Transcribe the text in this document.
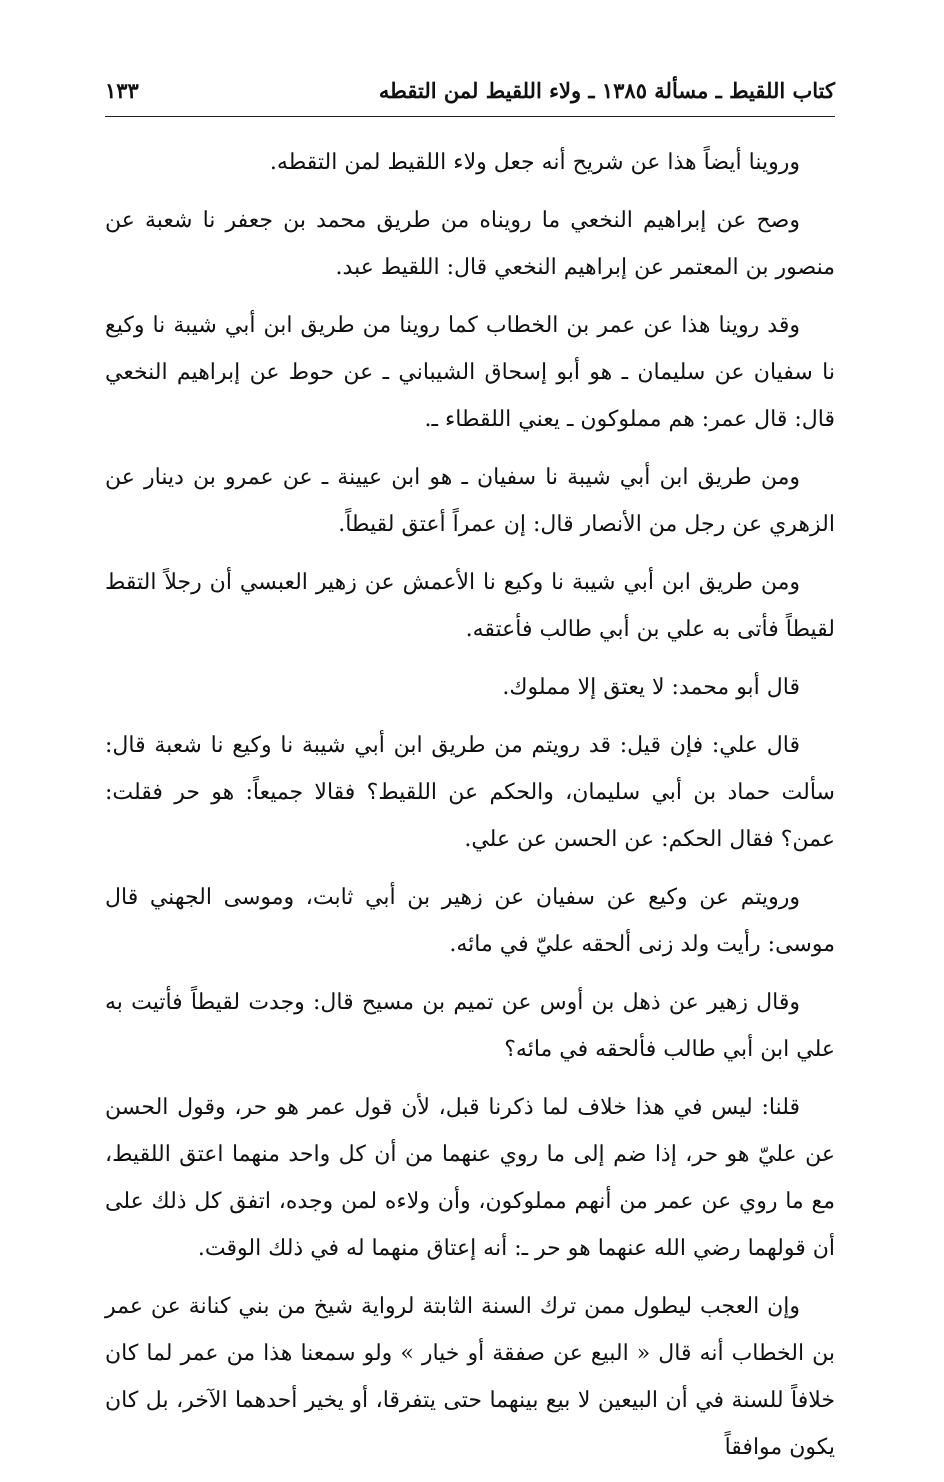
كتاب اللقيط ـ مسألة ١٣٨٥ ـ ولاء اللقيط لمن التقطه
١٣٣

وروينا أيضاً هذا عن شريح أنه جعل ولاء اللقيط لمن التقطه.

وصح عن إبراهيم النخعي ما رويناه من طريق محمد بن جعفر نا شعبة عن منصور بن المعتمر عن إبراهيم النخعي قال: اللقيط عبد.

وقد روينا هذا عن عمر بن الخطاب كما روينا من طريق ابن أبي شيبة نا وكيع نا سفيان عن سليمان ـ هو أبو إسحاق الشيباني ـ عن حوط عن إبراهيم النخعي قال: قال عمر: هم مملوكون ـ يعني اللقطاء ـ.

ومن طريق ابن أبي شيبة نا سفيان ـ هو ابن عيينة ـ عن عمرو بن دينار عن الزهري عن رجل من الأنصار قال: إن عمراً أعتق لقيطاً.

ومن طريق ابن أبي شيبة نا وكيع نا الأعمش عن زهير العبسي أن رجلاً التقط لقيطاً فأتى به علي بن أبي طالب فأعتقه.

قال أبو محمد: لا يعتق إلا مملوك.

قال علي: فإن قيل: قد رويتم من طريق ابن أبي شيبة نا وكيع نا شعبة قال: سألت حماد بن أبي سليمان، والحكم عن اللقيط؟ فقالا جميعاً: هو حر فقلت: عمن؟ فقال الحكم: عن الحسن عن علي.

ورويتم عن وكيع عن سفيان عن زهير بن أبي ثابت، وموسى الجهني قال موسى: رأيت ولد زنى ألحقه عليّ في مائه.

وقال زهير عن ذهل بن أوس عن تميم بن مسيح قال: وجدت لقيطاً فأتيت به علي ابن أبي طالب فألحقه في مائه؟

قلنا: ليس في هذا خلاف لما ذكرنا قبل، لأن قول عمر هو حر، وقول الحسن عن عليّ هو حر، إذا ضم إلى ما روي عنهما من أن كل واحد منهما اعتق اللقيط، مع ما روي عن عمر من أنهم مملوكون، وأن ولاءه لمن وجده، اتفق كل ذلك على أن قولهما رضي الله عنهما هو حر ـ: أنه إعتاق منهما له في ذلك الوقت.

وإن العجب ليطول ممن ترك السنة الثابتة لرواية شيخ من بني كنانة عن عمر بن الخطاب أنه قال « البيع عن صفقة أو خيار » ولو سمعنا هذا من عمر لما كان خلافاً للسنة في أن البيعين لا بيع بينهما حتى يتفرقا، أو يخير أحدهما الآخر، بل كان يكون موافقاً
